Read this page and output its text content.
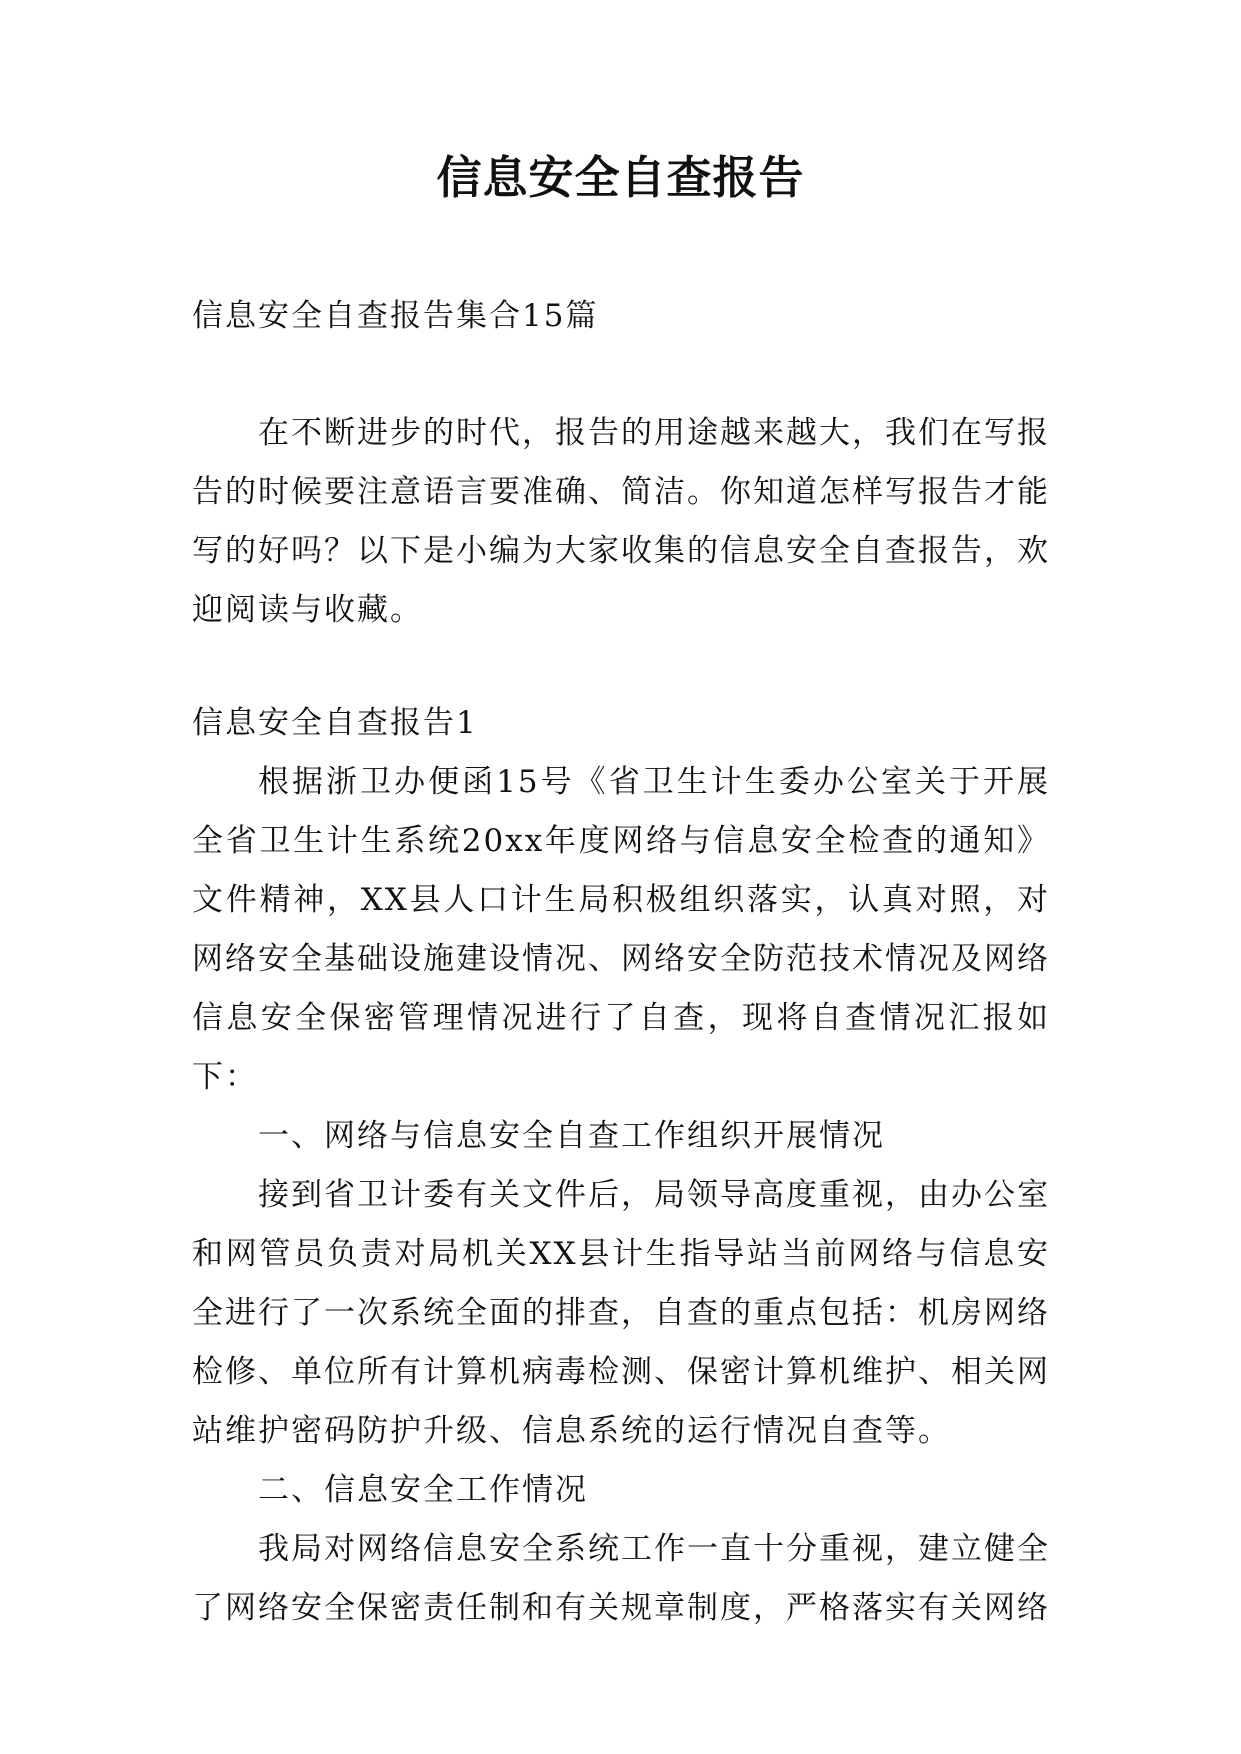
信息安全自查报告
信息安全自查报告集合15篇
在不断进步的时代，报告的用途越来越大，我们在写报告的时候要注意语言要准确、简洁。你知道怎样写报告才能写的好吗？以下是小编为大家收集的信息安全自查报告，欢迎阅读与收藏。

信息安全自查报告1

根据浙卫办便函15号《省卫生计生委办公室关于开展全省卫生计生系统20xx年度网络与信息安全检查的通知》文件精神，XX县人口计生局积极组织落实，认真对照，对网络安全基础设施建设情况、网络安全防范技术情况及网络信息安全保密管理情况进行了自查，现将自查情况汇报如下：

一、网络与信息安全自查工作组织开展情况

接到省卫计委有关文件后，局领导高度重视，由办公室和网管员负责对局机关XX县计生指导站当前网络与信息安全进行了一次系统全面的排查，自查的重点包括：机房网络检修、单位所有计算机病毒检测、保密计算机维护、相关网站维护密码防护升级、信息系统的运行情况自查等。

二、信息安全工作情况

我局对网络信息安全系统工作一直十分重视，建立健全了网络安全保密责任制和有关规章制度，严格落实有关网络
